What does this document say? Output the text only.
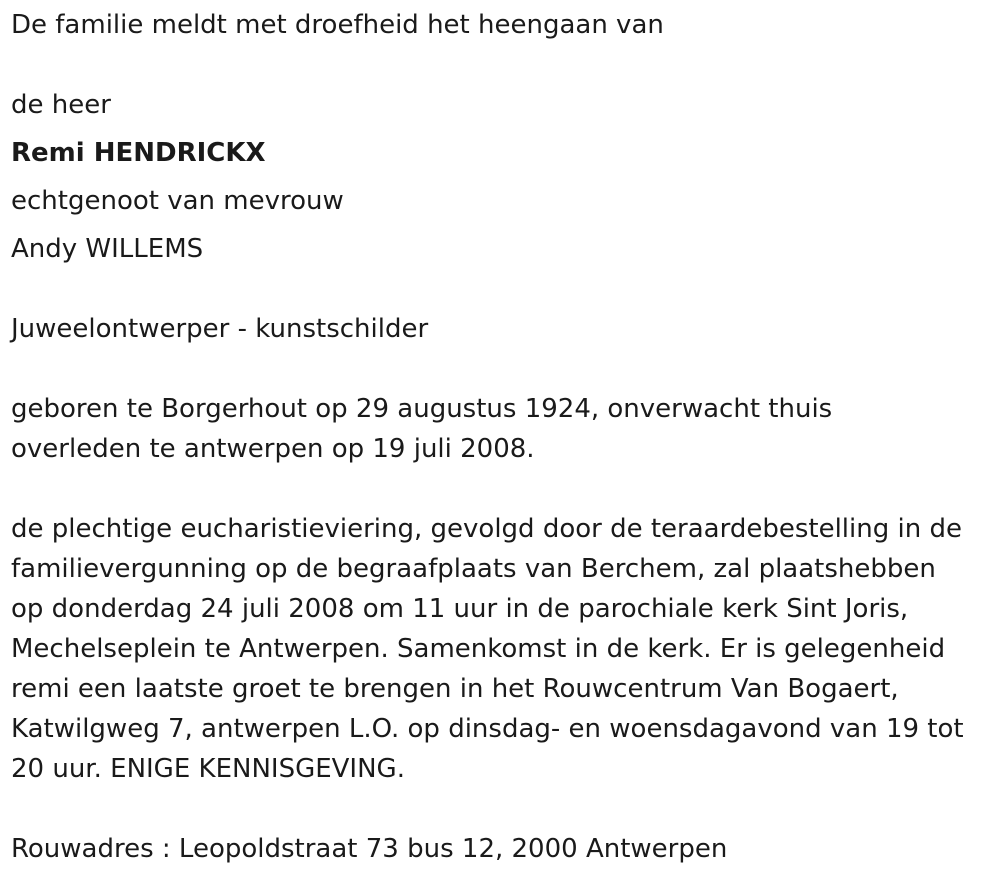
De familie meldt met droefheid het heengaan van
de heer
Remi HENDRICKX
echtgenoot van mevrouw
Andy WILLEMS
Juweelontwerper - kunstschilder
geboren te Borgerhout op 29 augustus 1924, onverwacht thuis
overleden te antwerpen op 19 juli 2008.
de plechtige eucharistieviering, gevolgd door de teraardebestelling in de
familievergunning op de begraafplaats van Berchem, zal plaatshebben
op donderdag 24 juli 2008 om 11 uur in de parochiale kerk Sint Joris,
Mechelseplein te Antwerpen. Samenkomst in de kerk. Er is gelegenheid
remi een laatste groet te brengen in het Rouwcentrum Van Bogaert,
Katwilgweg 7, antwerpen L.O. op dinsdag- en woensdagavond van 19 tot
20 uur. ENIGE KENNISGEVING.
Rouwadres : Leopoldstraat 73 bus 12, 2000 Antwerpen
